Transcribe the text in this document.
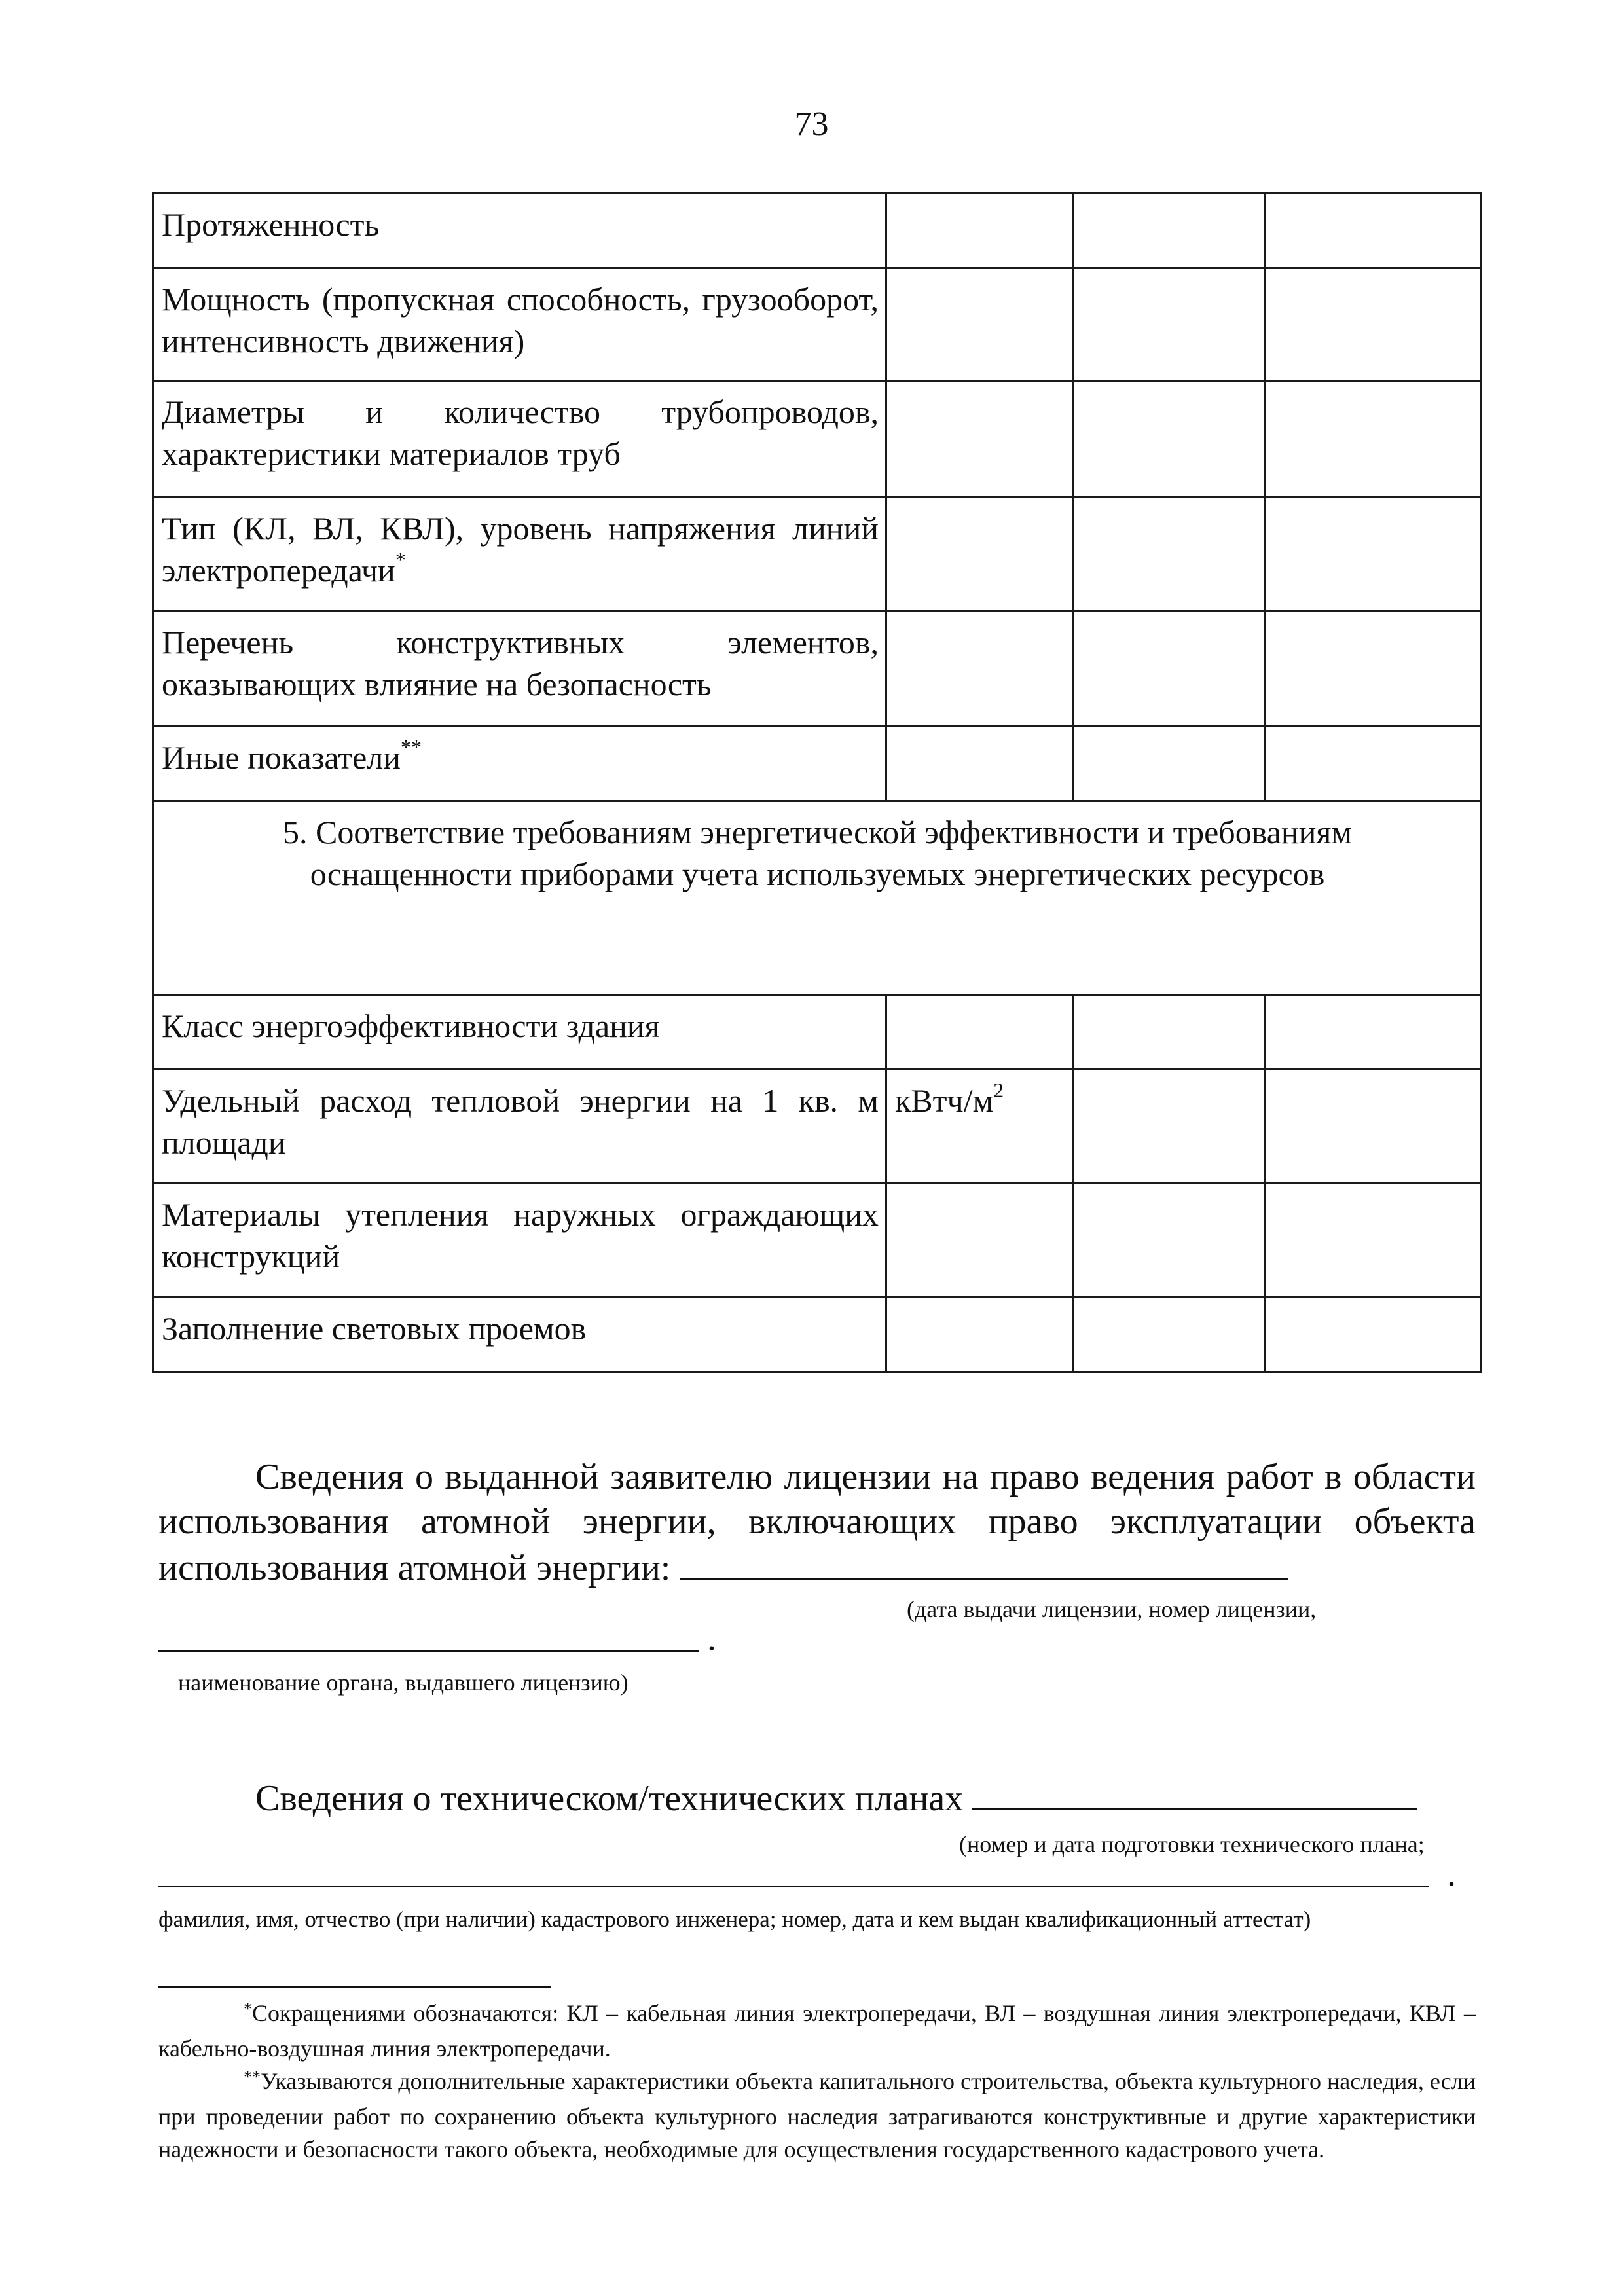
73
Протяженность			
Мощность (пропускная способность, грузооборот, интенсивность движения)			
Диаметры и количество трубопроводов, характеристики материалов труб			
Тип (КЛ, ВЛ, КВЛ), уровень напряжения линий электропередачи*			
Перечень конструктивных элементов, оказывающих влияние на безопасность			
Иные показатели**			

5. Соответствие требованиям энергетической эффективности и требованиям
оснащенности приборами учета используемых энергетических ресурсов			

Класс энергоэффективности здания			
Удельный расход тепловой энергии на 1 кв. м площади	кВтч/$м^2$		
Материалы утепления наружных ограждающих конструкций			
Заполнение световых проемов			
Сведения о выданной заявителю лицензии на право ведения работ в области использования атомной энергии, включающих право эксплуатации объекта использования атомной энергии:
(дата выдачи лицензии, номер лицензии,
.
наименование органа, выдавшего лицензию)
Сведения о техническом/технических планах
(номер и дата подготовки технического плана;
.
фамилия, имя, отчество (при наличии) кадастрового инженера; номер, дата и кем выдан квалификационный аттестат)
*Сокращениями обозначаются: КЛ – кабельная линия электропередачи, ВЛ – воздушная линия электропередачи, КВЛ – кабельно-воздушная линия электропередачи.
**Указываются дополнительные характеристики объекта капитального строительства, объекта культурного наследия, если при проведении работ по сохранению объекта культурного наследия затрагиваются конструктивные и другие характеристики надежности и безопасности такого объекта, необходимые для осуществления государственного кадастрового учета.
